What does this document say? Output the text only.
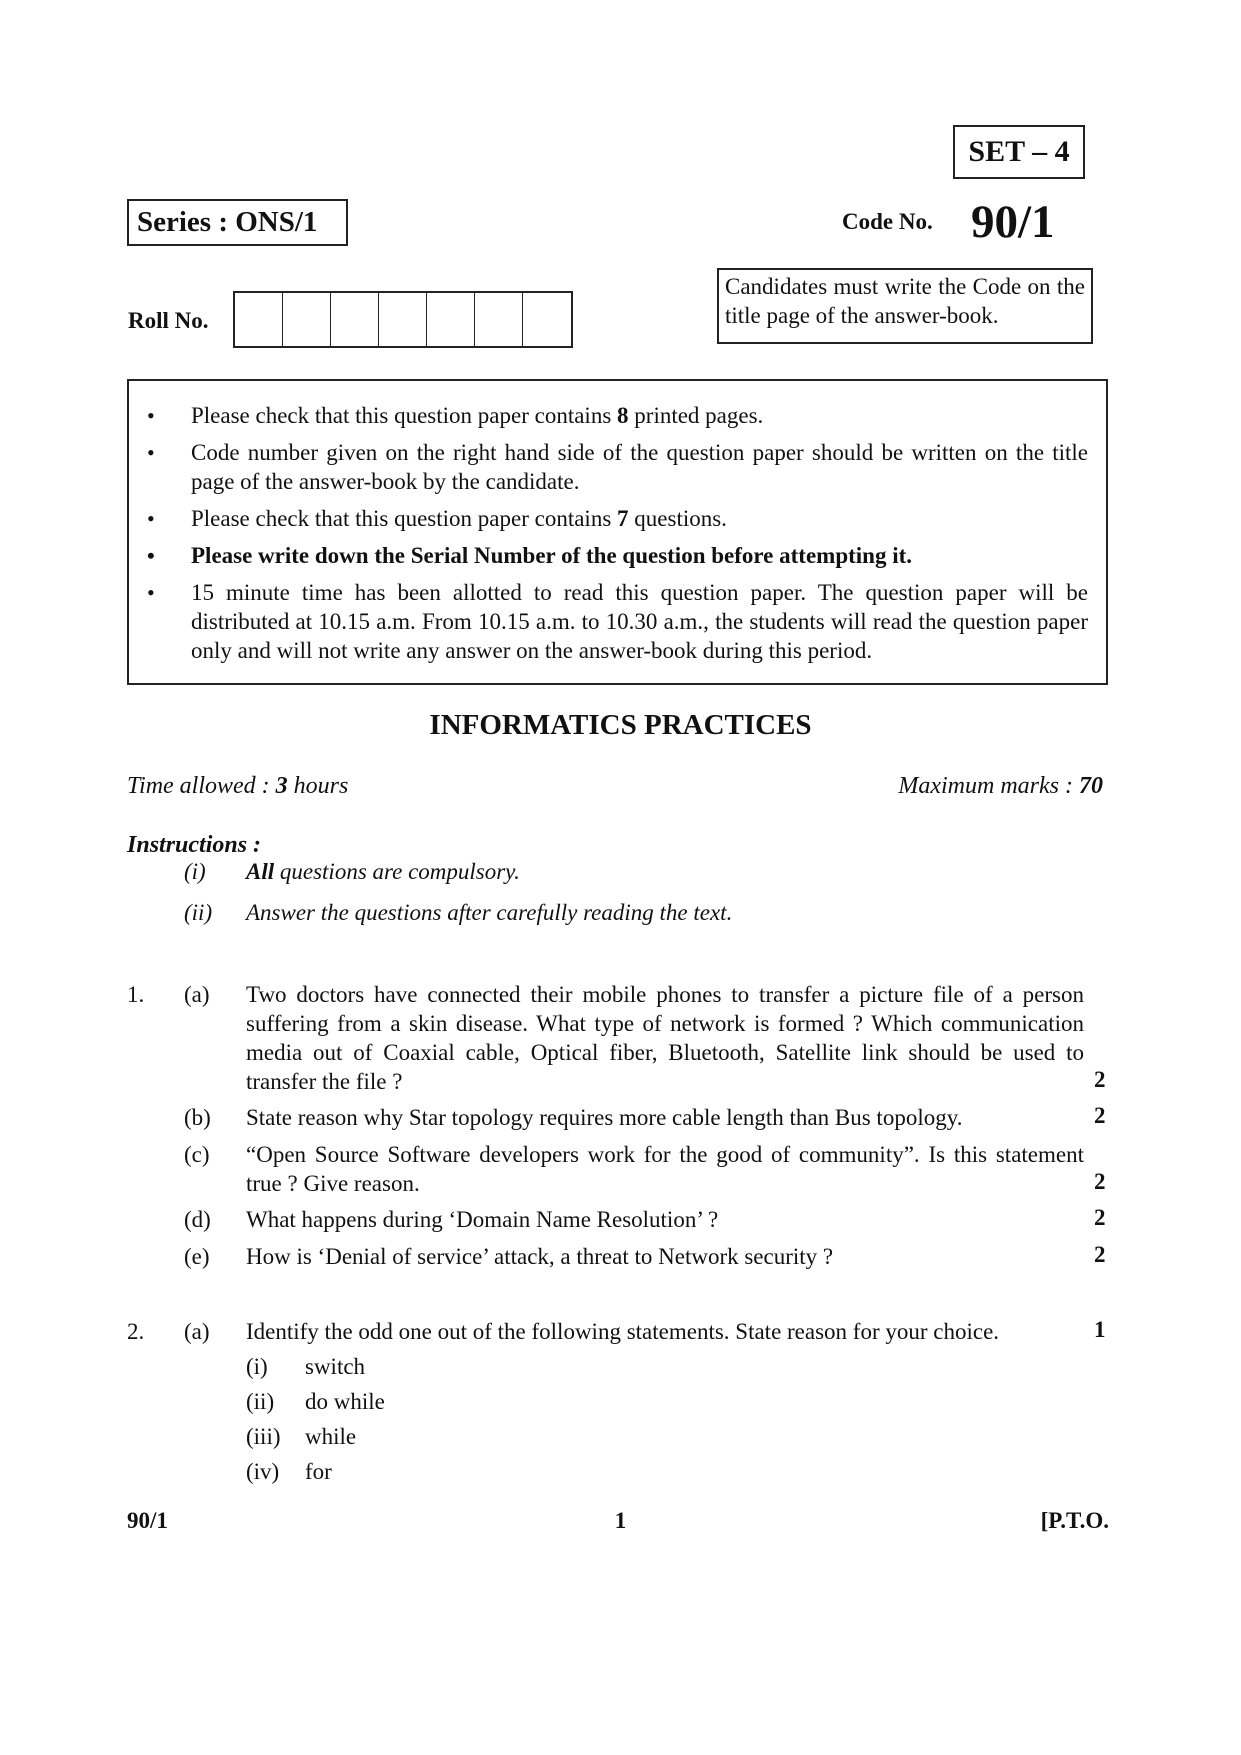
SET – 4
Series : ONS/1	Code No. 90/1
Candidates must write the Code on the title page of the answer-book.
Roll No.
• Please check that this question paper contains 8 printed pages.
• Code number given on the right hand side of the question paper should be written on the title page of the answer-book by the candidate.
• Please check that this question paper contains 7 questions.
• Please write down the Serial Number of the question before attempting it.
• 15 minute time has been allotted to read this question paper. The question paper will be distributed at 10.15 a.m. From 10.15 a.m. to 10.30 a.m., the students will read the question paper only and will not write any answer on the answer-book during this period.
INFORMATICS PRACTICES
Time allowed : 3 hours	Maximum marks : 70
Instructions :
(i) All questions are compulsory.
(ii) Answer the questions after carefully reading the text.
1. (a) Two doctors have connected their mobile phones to transfer a picture file of a person suffering from a skin disease. What type of network is formed ? Which communication media out of Coaxial cable, Optical fiber, Bluetooth, Satellite link should be used to transfer the file ?	2
(b) State reason why Star topology requires more cable length than Bus topology.	2
(c) “Open Source Software developers work for the good of community”. Is this statement true ? Give reason.	2
(d) What happens during ‘Domain Name Resolution’ ?	2
(e) How is ‘Denial of service’ attack, a threat to Network security ?	2
2. (a) Identify the odd one out of the following statements. State reason for your choice.	1
(i) switch
(ii) do while
(iii) while
(iv) for
90/1	1	[P.T.O.
